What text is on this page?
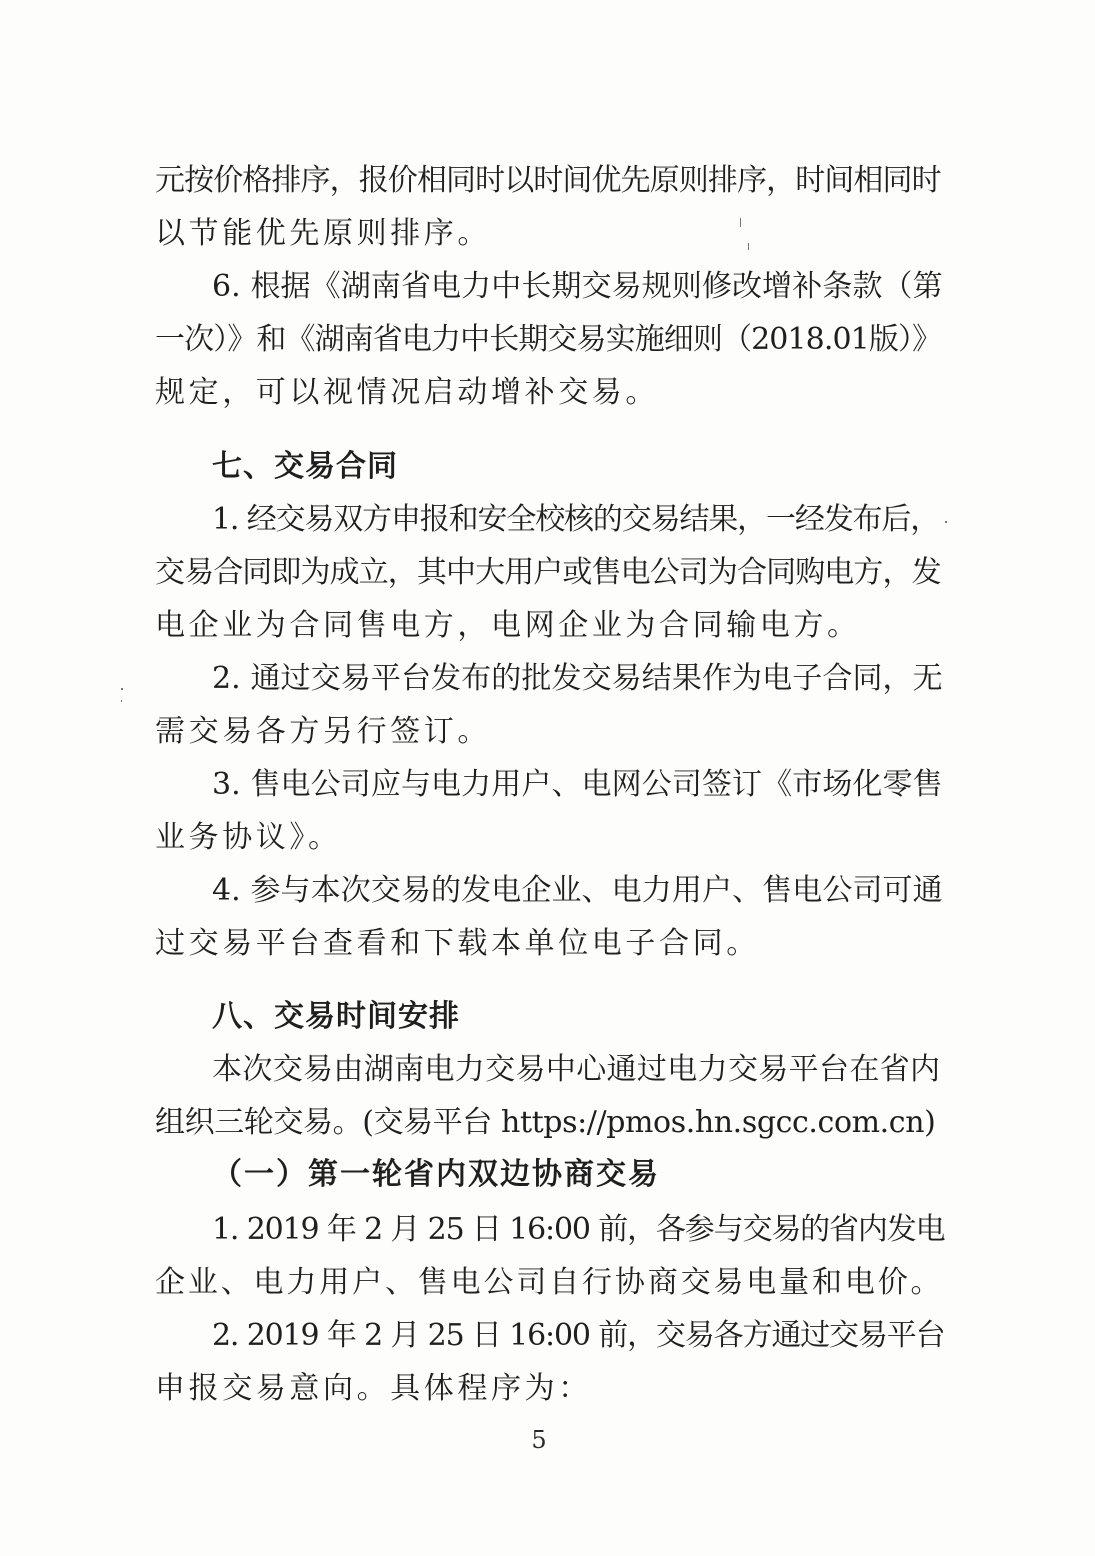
元按价格排序，报价相同时以时间优先原则排序，时间相同时
以节能优先原则排序。
6. 根据《湖南省电力中长期交易规则修改增补条款（第
一次）》和《湖南省电力中长期交易实施细则（2018.01版）》
规定，可以视情况启动增补交易。
七、交易合同
1. 经交易双方申报和安全校核的交易结果，一经发布后，
交易合同即为成立，其中大用户或售电公司为合同购电方，发
电企业为合同售电方，电网企业为合同输电方。
2. 通过交易平台发布的批发交易结果作为电子合同，无
需交易各方另行签订。
3. 售电公司应与电力用户、电网公司签订《市场化零售
业务协议》。
4. 参与本次交易的发电企业、电力用户、售电公司可通
过交易平台查看和下载本单位电子合同。
八、交易时间安排
本次交易由湖南电力交易中心通过电力交易平台在省内
组织三轮交易。(交易平台 https://pmos.hn.sgcc.com.cn)
（一）第一轮省内双边协商交易
1. 2019 年 2 月 25 日 16:00 前，各参与交易的省内发电
企业、电力用户、售电公司自行协商交易电量和电价。
2. 2019 年 2 月 25 日 16:00 前，交易各方通过交易平台
申报交易意向。具体程序为：
5
